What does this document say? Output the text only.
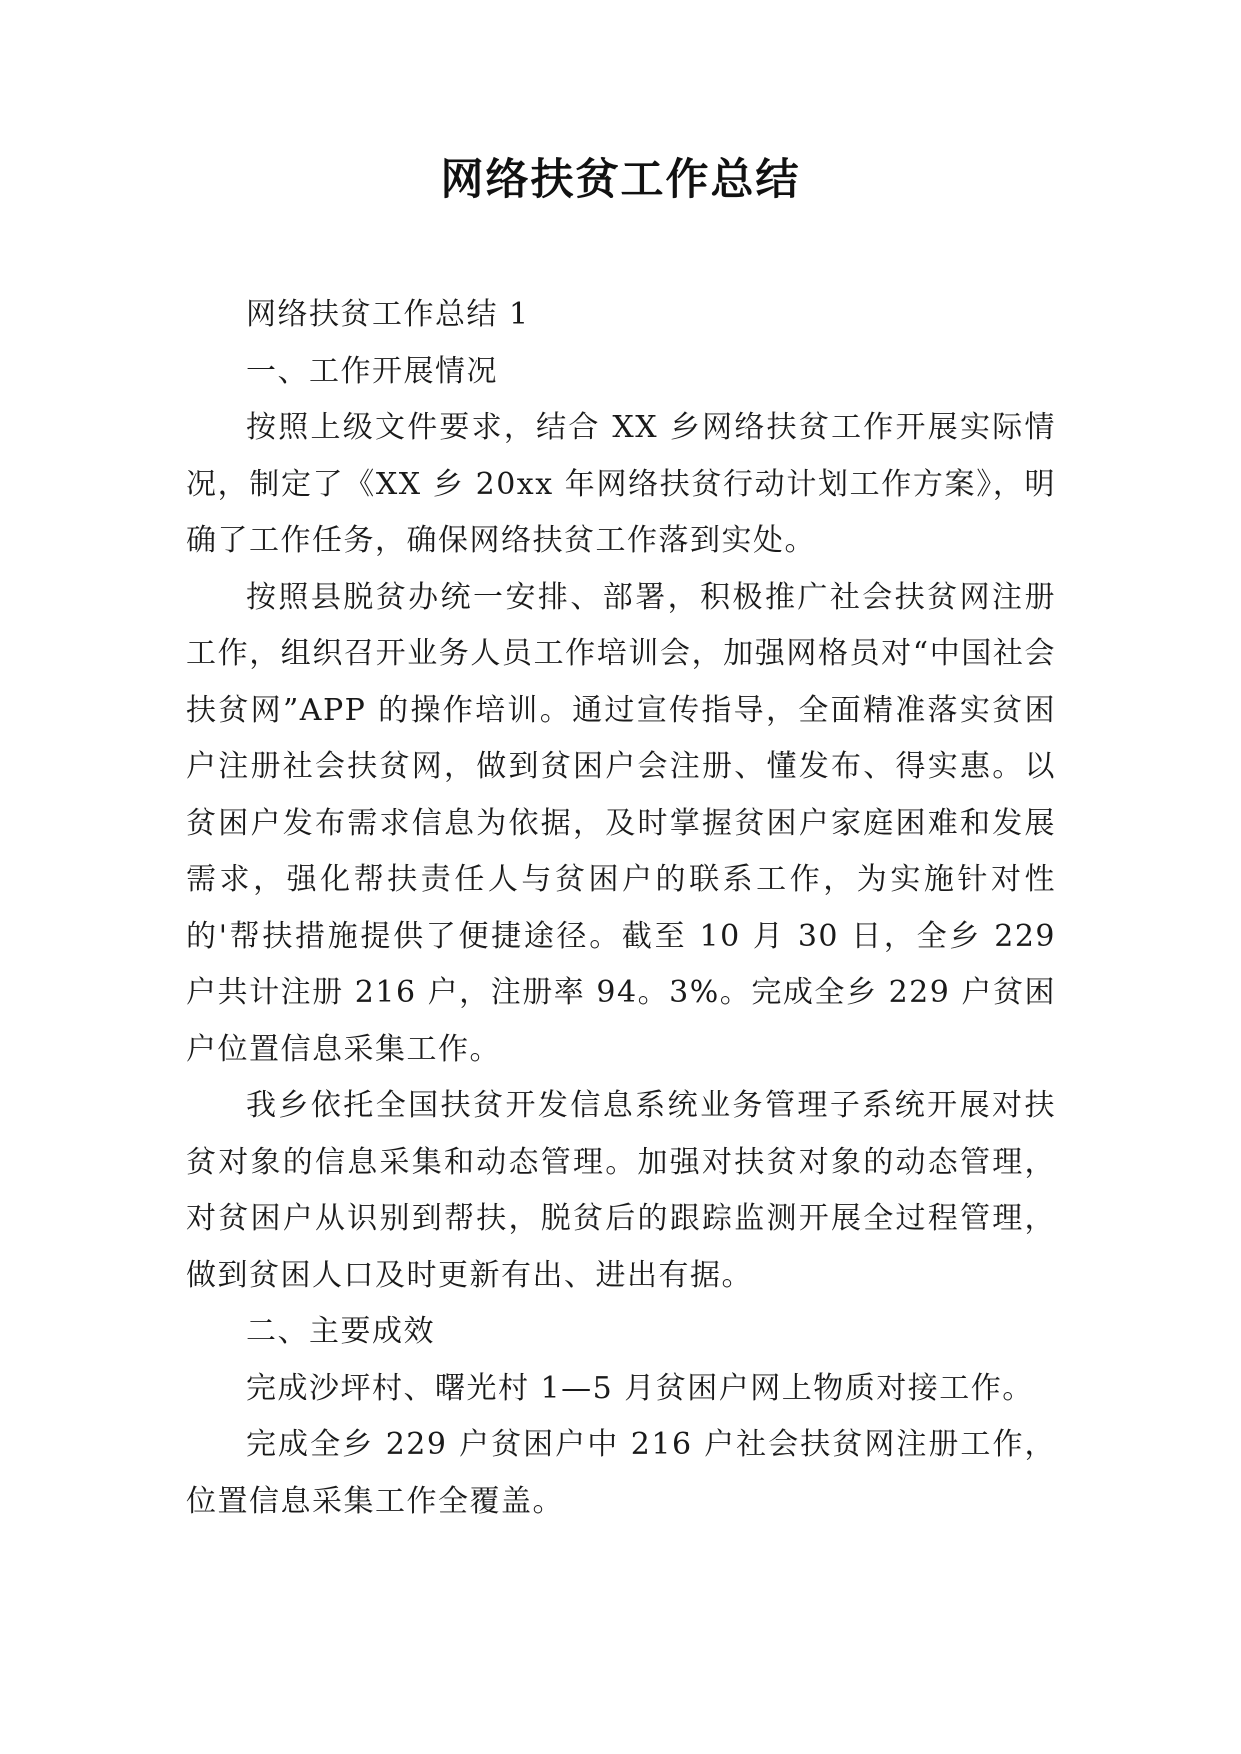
网络扶贫工作总结

网络扶贫工作总结 1

一、工作开展情况

按照上级文件要求，结合 XX 乡网络扶贫工作开展实际情况，制定了《XX 乡 20xx 年网络扶贫行动计划工作方案》，明确了工作任务，确保网络扶贫工作落到实处。

按照县脱贫办统一安排、部署，积极推广社会扶贫网注册工作，组织召开业务人员工作培训会，加强网格员对“中国社会扶贫网”APP 的操作培训。通过宣传指导，全面精准落实贫困户注册社会扶贫网，做到贫困户会注册、懂发布、得实惠。以贫困户发布需求信息为依据，及时掌握贫困户家庭困难和发展需求，强化帮扶责任人与贫困户的联系工作，为实施针对性的'帮扶措施提供了便捷途径。截至 10 月 30 日，全乡 229 户共计注册 216 户，注册率 94。3%。完成全乡 229 户贫困户位置信息采集工作。

我乡依托全国扶贫开发信息系统业务管理子系统开展对扶贫对象的信息采集和动态管理。加强对扶贫对象的动态管理，对贫困户从识别到帮扶，脱贫后的跟踪监测开展全过程管理，做到贫困人口及时更新有出、进出有据。

二、主要成效

完成沙坪村、曙光村 1—5 月贫困户网上物质对接工作。

完成全乡 229 户贫困户中 216 户社会扶贫网注册工作，位置信息采集工作全覆盖。
